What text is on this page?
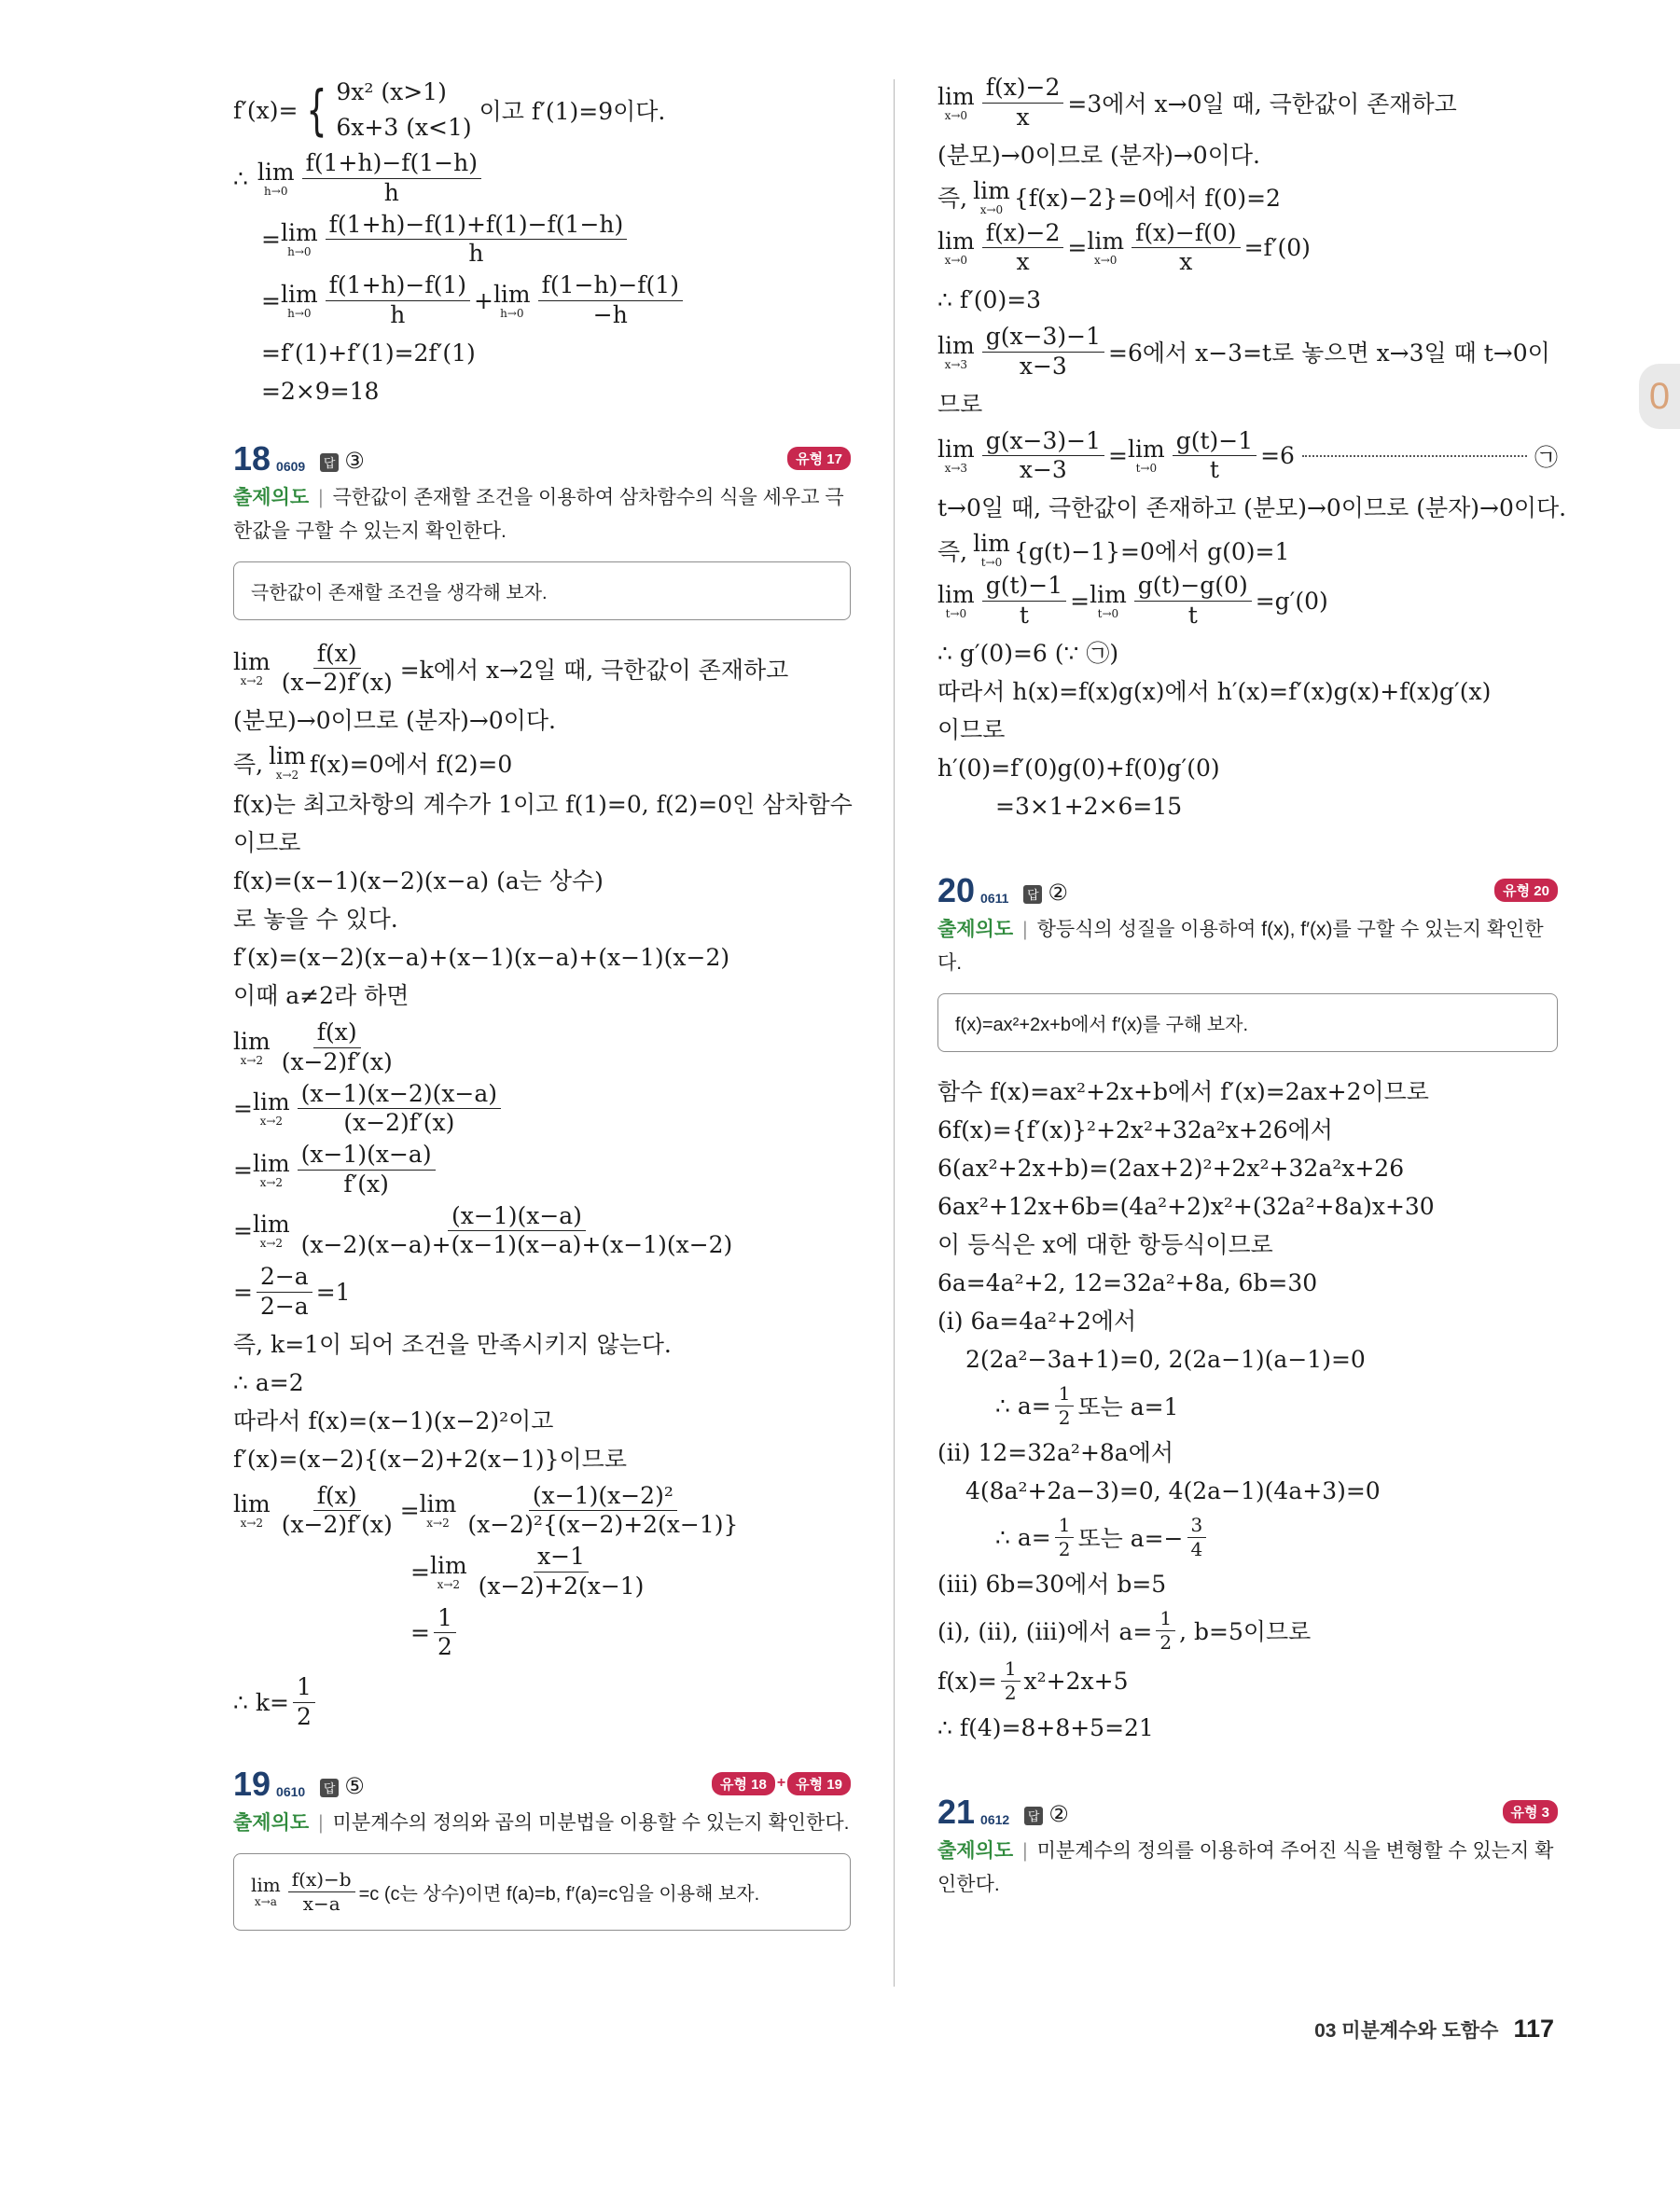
0
f′(x)= { 9x² (x>1)
6x+3 (x<1)
이고 f′(1)=9이다.
∴ lim
$h\to 0 \frac{f(1+h)-f(1-h)}{h}$
= lim
$h\to 0 \frac{f(1+h)-f(1)+f(1)-f(1-h)}{h}$
= lim
$h\to 0 \frac{f(1+h)-f(1)}{h} + \lim$
$h\to 0 \frac{f(1-h)-f(1)}{-h}$
=f′(1)+f′(1)=2f′(1)
=2×9=18
18 0609 답 ③	유형 17
출제의도 | 극한값이 존재할 조건을 이용하여 삼차함수의 식을 세우고 극한값을 구할 수 있는지 확인한다.
극한값이 존재할 조건을 생각해 보자.
lim
$x\to 2 \frac{f(x)}{(x-2)f'(x)} =k$에서 x→2일 때, 극한값이 존재하고
(분모)→0이므로 (분자)→0이다.
즉, lim
x→2 f(x)=0에서 f(2)=0
f(x)는 최고차항의 계수가 1이고 f(1)=0, f(2)=0인 삼차함수
이므로
f(x)=(x−1)(x−2)(x−a) (a는 상수)
로 놓을 수 있다.
f′(x)=(x−2)(x−a)+(x−1)(x−a)+(x−1)(x−2)
이때 a≠2라 하면
lim
$x\to 2 \frac{f(x)}{(x-2)f'(x)}$
= lim
$x\to 2 \frac{(x-1)(x-2)(x-a)}{(x-2)f'(x)}$
= lim
$x\to 2 \frac{(x-1)(x-a)}{f'(x)}$
= lim
$x\to 2 \frac{(x-1)(x-a)}{(x-2)(x-a)+(x-1)(x-a)+(x-1)(x-2)}$
= $\frac{2-a}{2-a} =1$
즉, k=1이 되어 조건을 만족시키지 않는다.
∴ a=2
따라서 f(x)=(x−1)(x−2)²이고
f′(x)=(x−2){(x−2)+2(x−1)}이므로
lim
$x\to 2 \frac{f(x)}{(x-2)f'(x)} = \lim$
$x\to 2 \frac{\text{(x−1)(x−2)²}}{\text{(x−2)²\{(x−2)+2(x−1)\}}}$
= lim
$x\to 2 \frac{x-1}{(x-2)+2(x-1)}$
= $\frac{1}{2}$
∴ $k= \frac{1}{2}$
19 0610 답 ⑤	유형 18 + 유형 19
출제의도 | 미분계수의 정의와 곱의 미분법을 이용할 수 있는지 확인한다.
lim
$x\to a \frac{f(x)-b}{x-a} =c$ (c는 상수)이면 f(a)=b, f′(a)=c임을 이용해 보자.
lim
$x\to 0 \frac{f(x)-2}{x} =3$에서 x→0일 때, 극한값이 존재하고
(분모)→0이므로 (분자)→0이다.
즉, lim
x→0 {f(x)−2}=0에서 f(0)=2
lim
$x\to 0 \frac{f(x)-2}{x} = \lim$
$x\to 0 \frac{f(x)-f(0)}{x} =f'(0)$
∴ f′(0)=3
lim
$x\to 3 \frac{g(x-3)-1}{x-3} =6$에서 x−3=t로 놓으면 x→3일 때 t→0이
므로
lim
$x\to 3 \frac{g(x-3)-1}{x-3} = \lim$
$t\to 0 \frac{g(t)-1}{t} =6$	㉠
t→0일 때, 극한값이 존재하고 (분모)→0이므로 (분자)→0이다.
즉, lim
t→0 {g(t)−1}=0에서 g(0)=1
lim
$t\to 0 \frac{g(t)-1}{t} = \lim$
$t\to 0 \frac{g(t)-g(0)}{t} =g'(0)$
∴ g′(0)=6 (∵ ㉠)
따라서 h(x)=f(x)g(x)에서 h′(x)=f′(x)g(x)+f(x)g′(x)
이므로
h′(0)=f′(0)g(0)+f(0)g′(0)
=3×1+2×6=15
20 0611 답 ②	유형 20
출제의도 | 항등식의 성질을 이용하여 f(x), f′(x)를 구할 수 있는지 확인한다.
f(x)=ax²+2x+b에서 f′(x)를 구해 보자.
함수 f(x)=ax²+2x+b에서 f′(x)=2ax+2이므로
6f(x)={f′(x)}²+2x²+32a²x+26에서
6(ax²+2x+b)=(2ax+2)²+2x²+32a²x+26
6ax²+12x+6b=(4a²+2)x²+(32a²+8a)x+30
이 등식은 x에 대한 항등식이므로
6a=4a²+2, 12=32a²+8a, 6b=30
(ⅰ) 6a=4a²+2에서
2(2a²−3a+1)=0, 2(2a−1)(a−1)=0
∴ $a= \frac{1}{2}$ 또는 a=1
(ⅱ) 12=32a²+8a에서
4(8a²+2a−3)=0, 4(2a−1)(4a+3)=0
∴ $a= \frac{1}{2}$ 또는 $a=- \frac{3}{4}$
(ⅲ) 6b=30에서 b=5
(ⅰ), (ⅱ), (ⅲ)에서 $a= \frac{1}{2}$ , b=5이므로
$f(x)= \frac{1}{2} x^2+2x+5$
∴ f(4)=8+8+5=21
21 0612 답 ②	유형 3
출제의도 | 미분계수의 정의를 이용하여 주어진 식을 변형할 수 있는지 확인한다.
03 미분계수와 도함수 117
